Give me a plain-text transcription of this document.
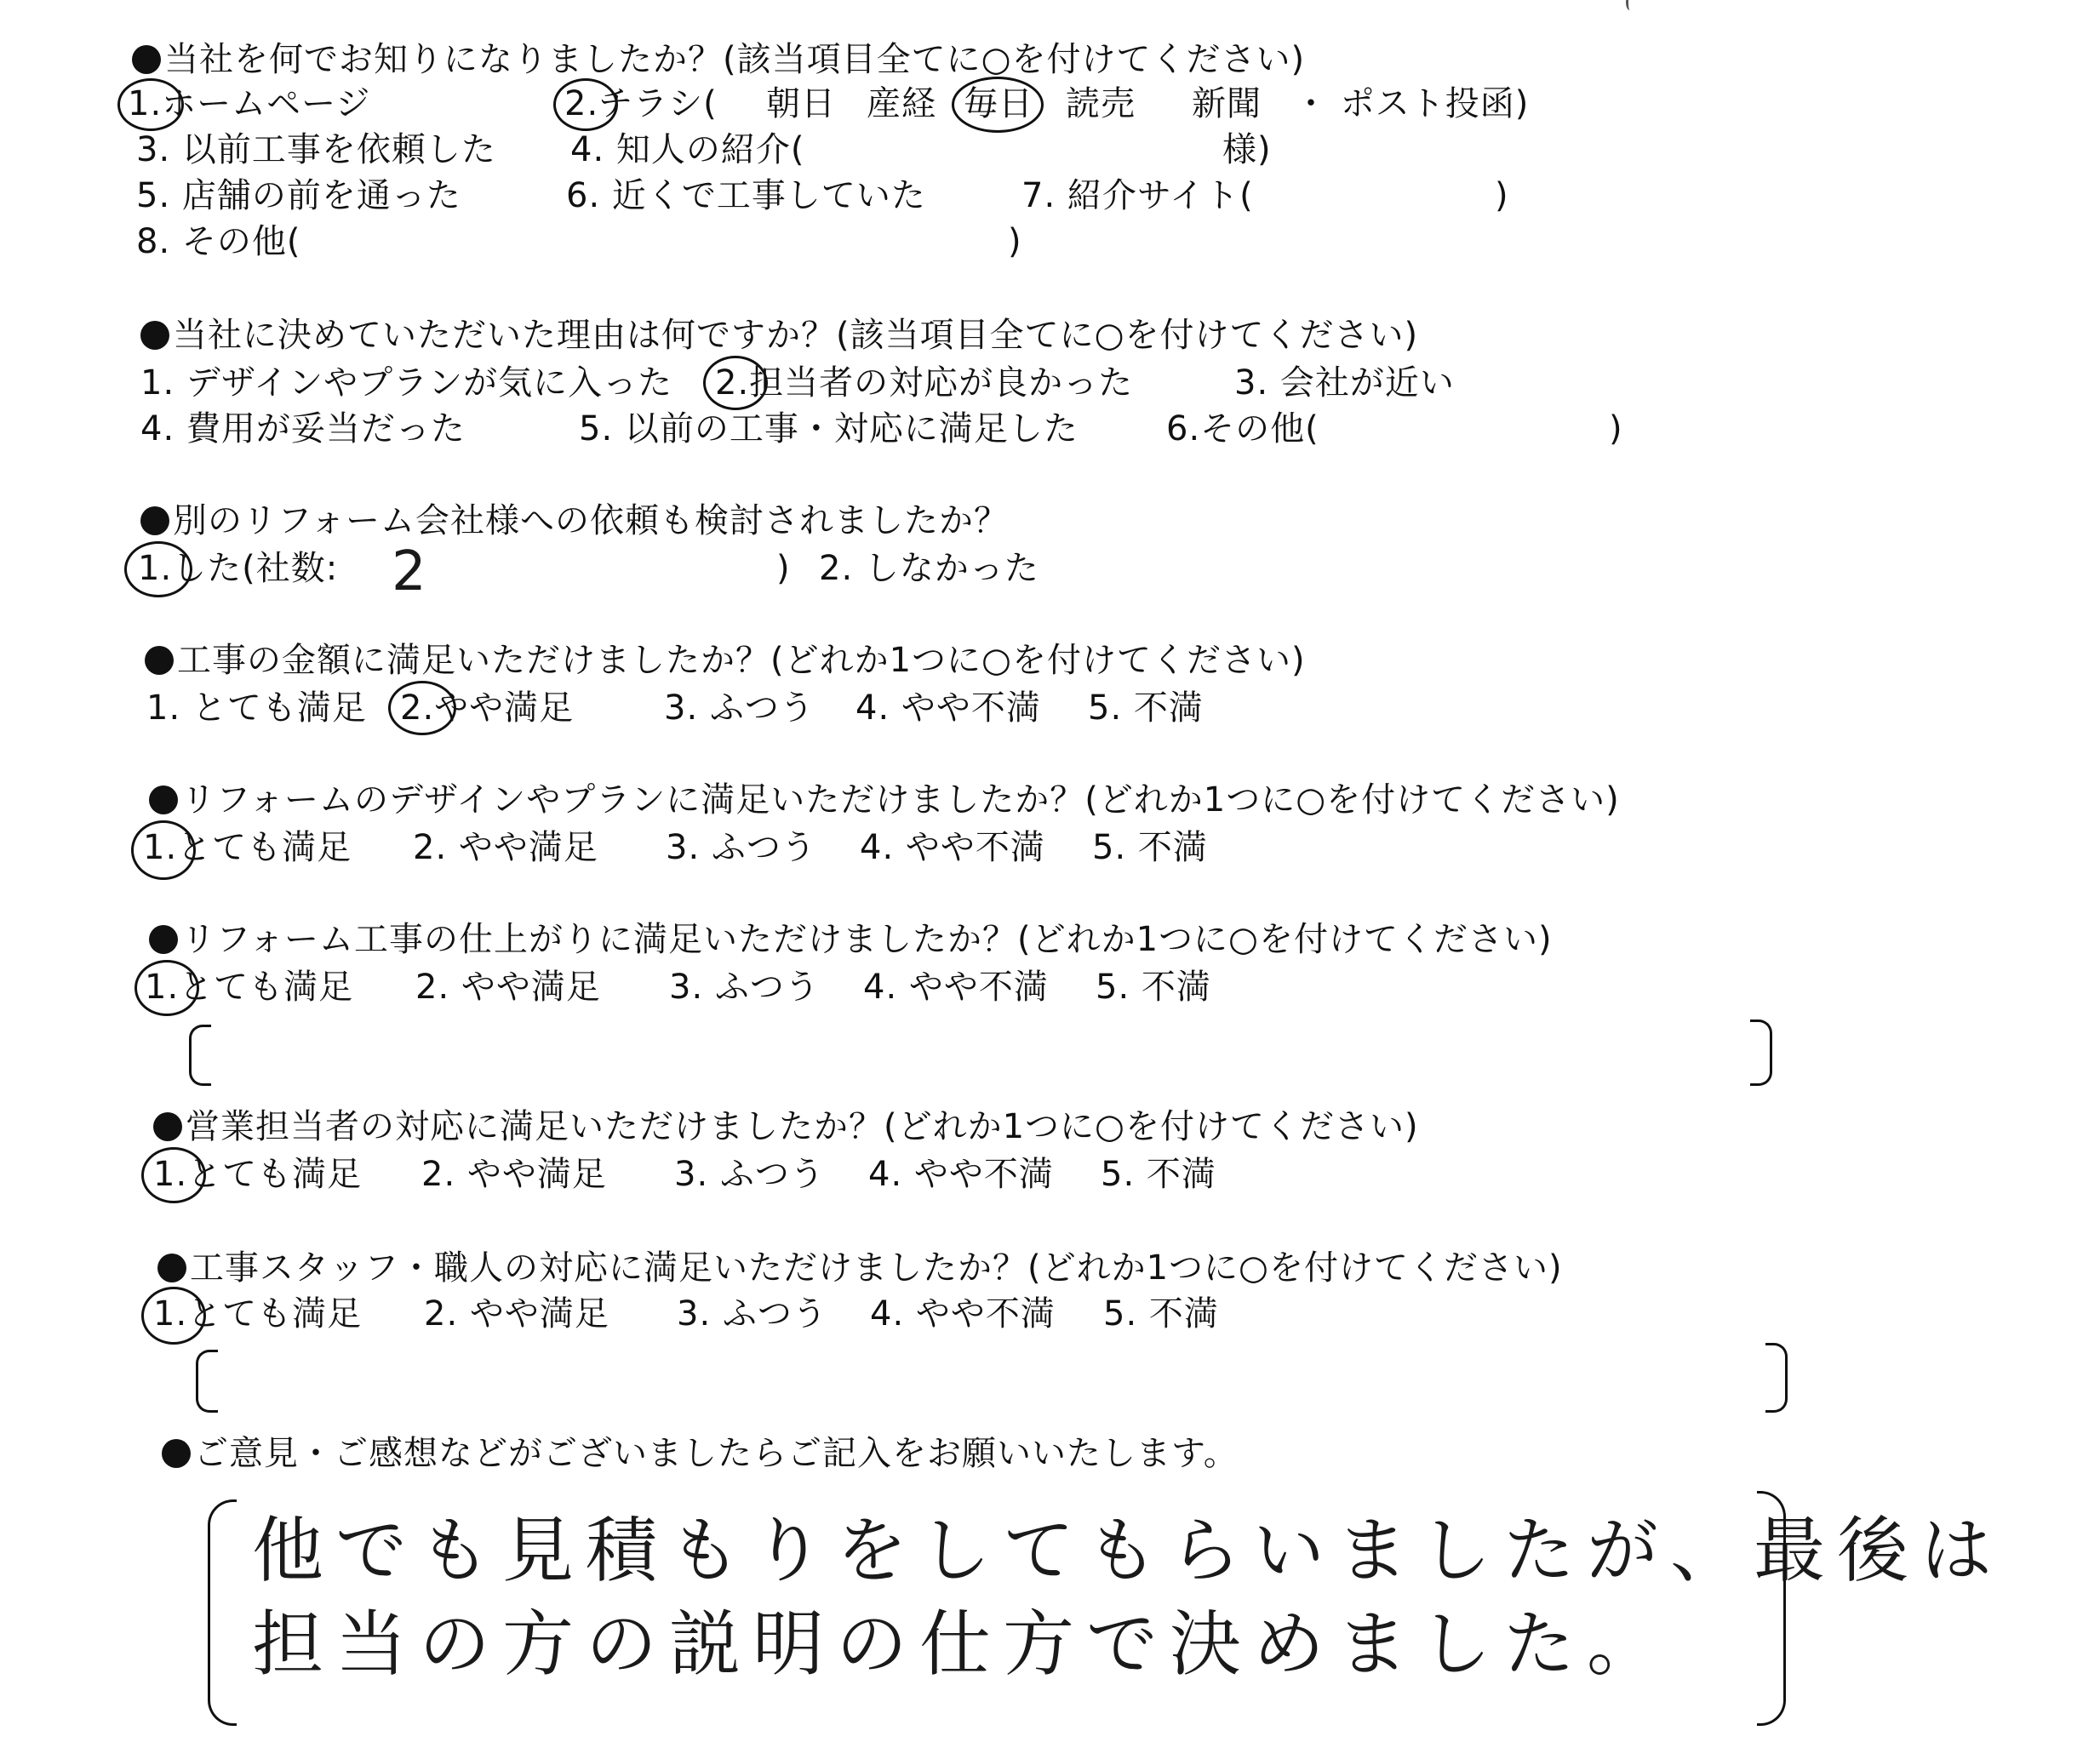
当社を何でお知りになりましたか？(該当項目全てに○を付けてください)
1.ホームページ	2.チラシ( 朝日 産経 毎日 読売 新聞 ・ ポスト投函)
3. 以前工事を依頼した 4. 知人の紹介(	様)
5. 店舗の前を通った	6. 近くで工事していた	7. 紹介サイト(	)
8. その他(	)
当社に決めていただいた理由は何ですか？(該当項目全てに○を付けてください)
1. デザインやプランが気に入った 2.担当者の対応が良かった	3. 会社が近い
4. 費用が妥当だった	5. 以前の工事・対応に満足した	6.その他(	)
別のリフォーム会社様への依頼も検討されましたか？
1.した(社数: 2	) 2. しなかった
工事の金額に満足いただけましたか？(どれか1つに○を付けてください)
1. とても満足 2.やや満足	3. ふつう 4. やや不満 5. 不満
リフォームのデザインやプランに満足いただけましたか？(どれか1つに○を付けてください)
1.とても満足 2. やや満足 3. ふつう 4. やや不満 5. 不満
リフォーム工事の仕上がりに満足いただけましたか？(どれか1つに○を付けてください)
1.とても満足 2. やや満足 3. ふつう 4. やや不満 5. 不満
営業担当者の対応に満足いただけましたか？(どれか1つに○を付けてください)
1.とても満足 2. やや満足 3. ふつう 4. やや不満 5. 不満
工事スタッフ・職人の対応に満足いただけましたか？(どれか1つに○を付けてください)
1.とても満足 2. やや満足 3. ふつう 4. やや不満 5. 不満
ご意見・ご感想などがございましたらご記入をお願いいたします。
他でも見積もりをしてもらいましたが、最後は
担当の方の説明の仕方で決めました。
